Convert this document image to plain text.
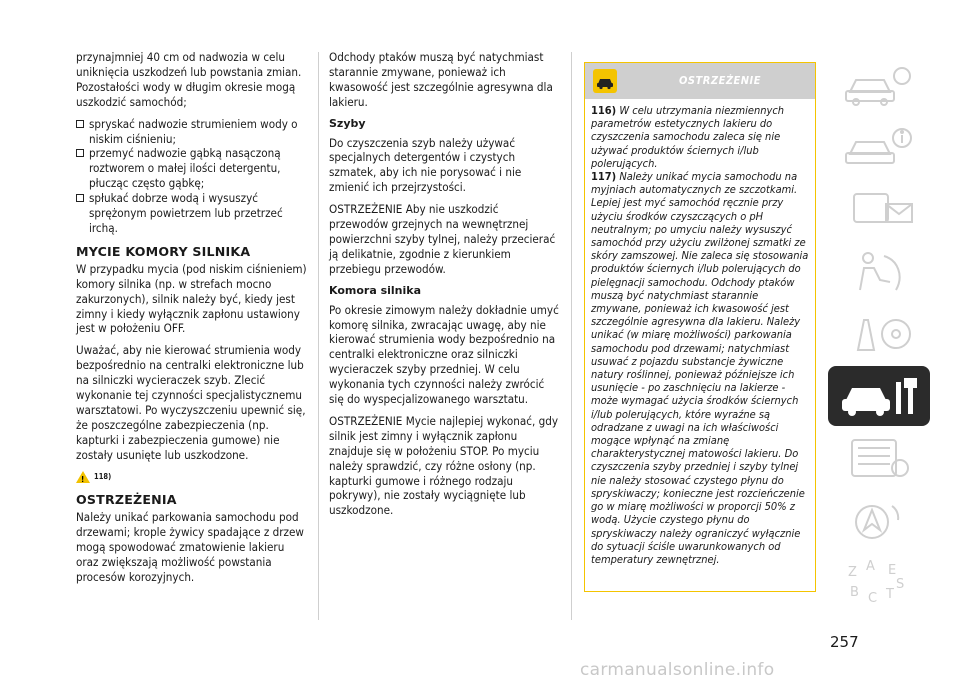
przynajmniej 40 cm od nadwozia w celu uniknięcia uszkodzeń lub powstania zmian. Pozostałości wody w długim okresie mogą uszkodzić samochód;

spryskać nadwozie strumieniem wody o niskim ciśnieniu;
przemyć nadwozie gąbką nasączoną roztworem o małej ilości detergentu, płucząc często gąbkę;
spłukać dobrze wodą i wysuszyć sprężonym powietrzem lub przetrzeć irchą.
MYCIE KOMORY SILNIKA

W przypadku mycia (pod niskim ciśnieniem) komory silnika (np. w strefach mocno zakurzonych), silnik należy być, kiedy jest zimny i kiedy wyłącznik zapłonu ustawiony jest w położeniu OFF.

Uważać, aby nie kierować strumienia wody bezpośrednio na centralki elektroniczne lub na silniczki wycieraczek szyb. Zlecić wykonanie tej czynności specjalistycznemu warsztatowi. Po wyczyszczeniu upewnić się, że poszczególne zabezpieczenia (np. kapturki i zabezpieczenia gumowe) nie zostały usunięte lub uszkodzone.

!
118)
OSTRZEŻENIA

Należy unikać parkowania samochodu pod drzewami; krople żywicy spadające z drzew mogą spowodować zmatowienie lakieru oraz zwiększają możliwość powstania procesów korozyjnych.

Odchody ptaków muszą być natychmiast starannie zmywane, ponieważ ich kwasowość jest szczególnie agresywna dla lakieru.

Szyby

Do czyszczenia szyb należy używać specjalnych detergentów i czystych szmatek, aby ich nie porysować i nie zmienić ich przejrzystości.

OSTRZEŻENIE Aby nie uszkodzić przewodów grzejnych na wewnętrznej powierzchni szyby tylnej, należy przecierać ją delikatnie, zgodnie z kierunkiem przebiegu przewodów.

Komora silnika

Po okresie zimowym należy dokładnie umyć komorę silnika, zwracając uwagę, aby nie kierować strumienia wody bezpośrednio na centralki elektroniczne oraz silniczki wycieraczek szyby przedniej. W celu wykonania tych czynności należy zwrócić się do wyspecjalizowanego warsztatu.

OSTRZEŻENIE Mycie najlepiej wykonać, gdy silnik jest zimny i wyłącznik zapłonu znajduje się w położeniu STOP. Po myciu należy sprawdzić, czy różne osłony (np. kapturki gumowe i różnego rodzaju pokrywy), nie zostały wyciągnięte lub uszkodzone.

OSTRZEŻENIE

116) W celu utrzymania niezmiennych parametrów estetycznych lakieru do czyszczenia samochodu zaleca się nie używać produktów ściernych i/lub polerujących.

117) Należy unikać mycia samochodu na myjniach automatycznych ze szczotkami. Lepiej jest myć samochód ręcznie przy użyciu środków czyszczących o pH neutralnym; po umyciu należy wysuszyć samochód przy użyciu zwilżonej szmatki ze skóry zamszowej. Nie zaleca się stosowania produktów ściernych i/lub polerujących do pielęgnacji samochodu. Odchody ptaków muszą być natychmiast starannie zmywane, ponieważ ich kwasowość jest szczególnie agresywna dla lakieru. Należy unikać (w miarę możliwości) parkowania samochodu pod drzewami; natychmiast usuwać z pojazdu substancje żywiczne natury roślinnej, ponieważ późniejsze ich usunięcie - po zaschnięciu na lakierze - może wymagać użycia środków ściernych i/lub polerujących, które wyraźne są odradzane z uwagi na ich właściwości mogące wpłynąć na zmianę charakterystycznej matowości lakieru. Do czyszczenia szyby przedniej i szyby tylnej nie należy stosować czystego płynu do spryskiwaczy; konieczne jest rozcieńczenie go w miarę możliwości w proporcji 50% z wodą. Użycie czystego płynu do spryskiwaczy należy ograniczyć wyłącznie do sytuacji ściśle uwarunkowanych od temperatury zewnętrznej.

Z A E
B C T
S
257
carmanualsonline.info
